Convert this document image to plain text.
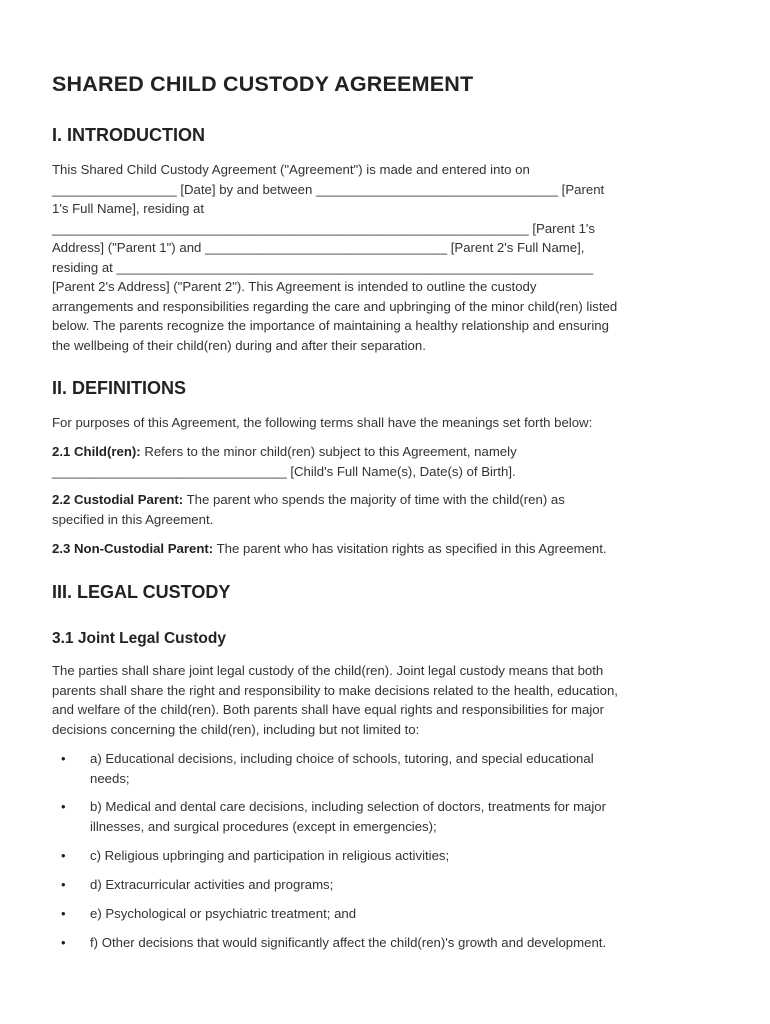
SHARED CHILD CUSTODY AGREEMENT
I. INTRODUCTION
This Shared Child Custody Agreement ("Agreement") is made and entered into on
_________________ [Date] by and between _________________________________ [Parent
1's Full Name], residing at
_________________________________________________________________ [Parent 1's
Address] ("Parent 1") and _________________________________ [Parent 2's Full Name],
residing at _________________________________________________________________
[Parent 2's Address] ("Parent 2"). This Agreement is intended to outline the custody
arrangements and responsibilities regarding the care and upbringing of the minor child(ren) listed
below. The parents recognize the importance of maintaining a healthy relationship and ensuring
the wellbeing of their child(ren) during and after their separation.
II. DEFINITIONS
For purposes of this Agreement, the following terms shall have the meanings set forth below:
2.1 Child(ren): Refers to the minor child(ren) subject to this Agreement, namely
________________________________ [Child's Full Name(s), Date(s) of Birth].
2.2 Custodial Parent: The parent who spends the majority of time with the child(ren) as
specified in this Agreement.
2.3 Non-Custodial Parent: The parent who has visitation rights as specified in this Agreement.
III. LEGAL CUSTODY
3.1 Joint Legal Custody
The parties shall share joint legal custody of the child(ren). Joint legal custody means that both
parents shall share the right and responsibility to make decisions related to the health, education,
and welfare of the child(ren). Both parents shall have equal rights and responsibilities for major
decisions concerning the child(ren), including but not limited to:
• a) Educational decisions, including choice of schools, tutoring, and special educational
needs;
• b) Medical and dental care decisions, including selection of doctors, treatments for major
illnesses, and surgical procedures (except in emergencies);
• c) Religious upbringing and participation in religious activities;
• d) Extracurricular activities and programs;
• e) Psychological or psychiatric treatment; and
• f) Other decisions that would significantly affect the child(ren)'s growth and development.
